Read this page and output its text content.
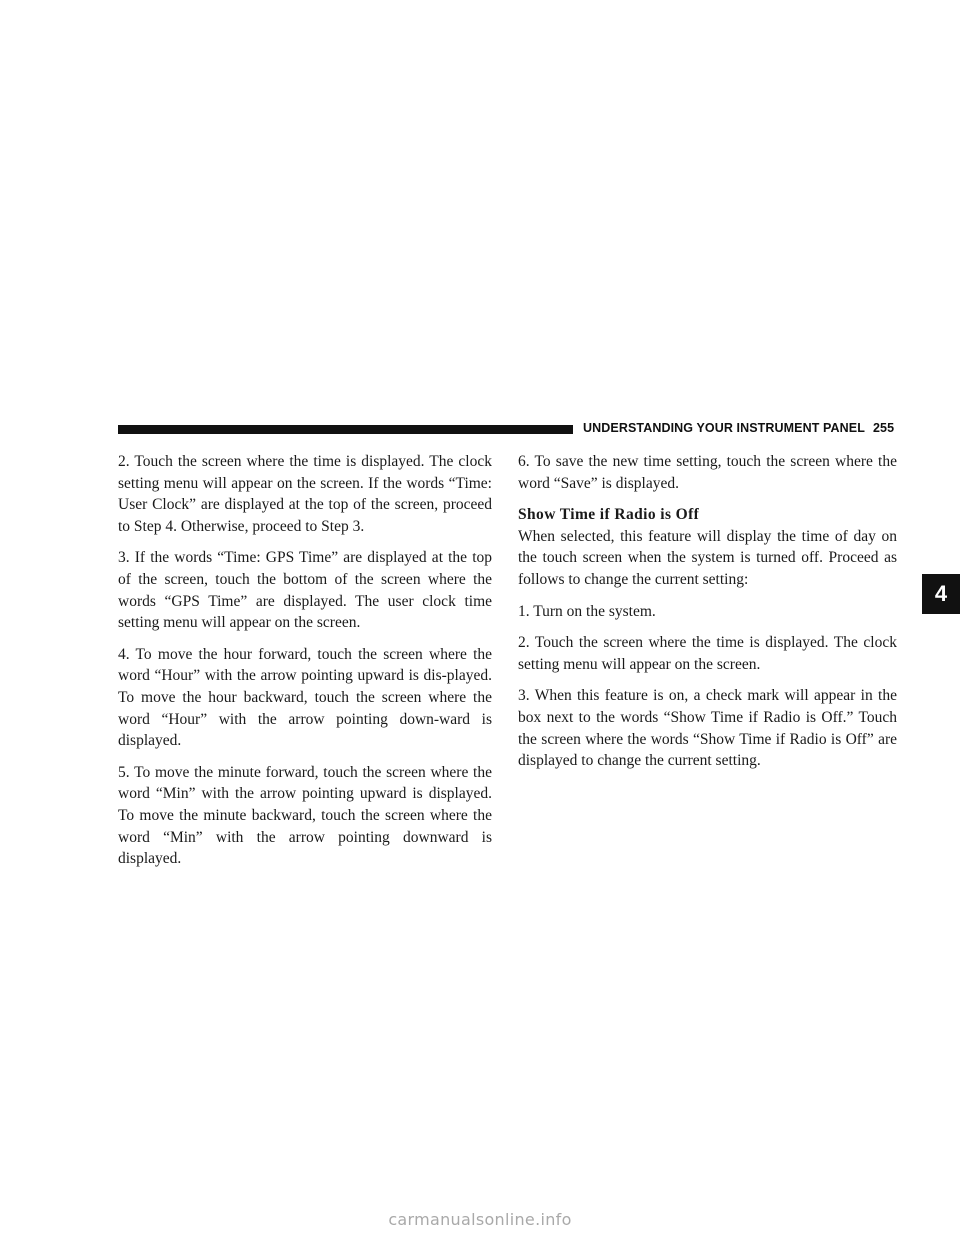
UNDERSTANDING YOUR INSTRUMENT PANEL 255

2. Touch the screen where the time is displayed. The clock setting menu will appear on the screen. If the words “Time: User Clock” are displayed at the top of the screen, proceed to Step 4. Otherwise, proceed to Step 3.

3. If the words “Time: GPS Time” are displayed at the top of the screen, touch the bottom of the screen where the words “GPS Time” are displayed. The user clock time setting menu will appear on the screen.

4. To move the hour forward, touch the screen where the word “Hour” with the arrow pointing upward is dis-played. To move the hour backward, touch the screen where the word “Hour” with the arrow pointing down-ward is displayed.

5. To move the minute forward, touch the screen where the word “Min” with the arrow pointing upward is displayed. To move the minute backward, touch the screen where the word “Min” with the arrow pointing downward is displayed.

6. To save the new time setting, touch the screen where the word “Save” is displayed.

Show Time if Radio is Off

When selected, this feature will display the time of day on the touch screen when the system is turned off. Proceed as follows to change the current setting:

1. Turn on the system.

2. Touch the screen where the time is displayed. The clock setting menu will appear on the screen.

3. When this feature is on, a check mark will appear in the box next to the words “Show Time if Radio is Off.” Touch the screen where the words “Show Time if Radio is Off” are displayed to change the current setting.

4
carmanualsonline.info
